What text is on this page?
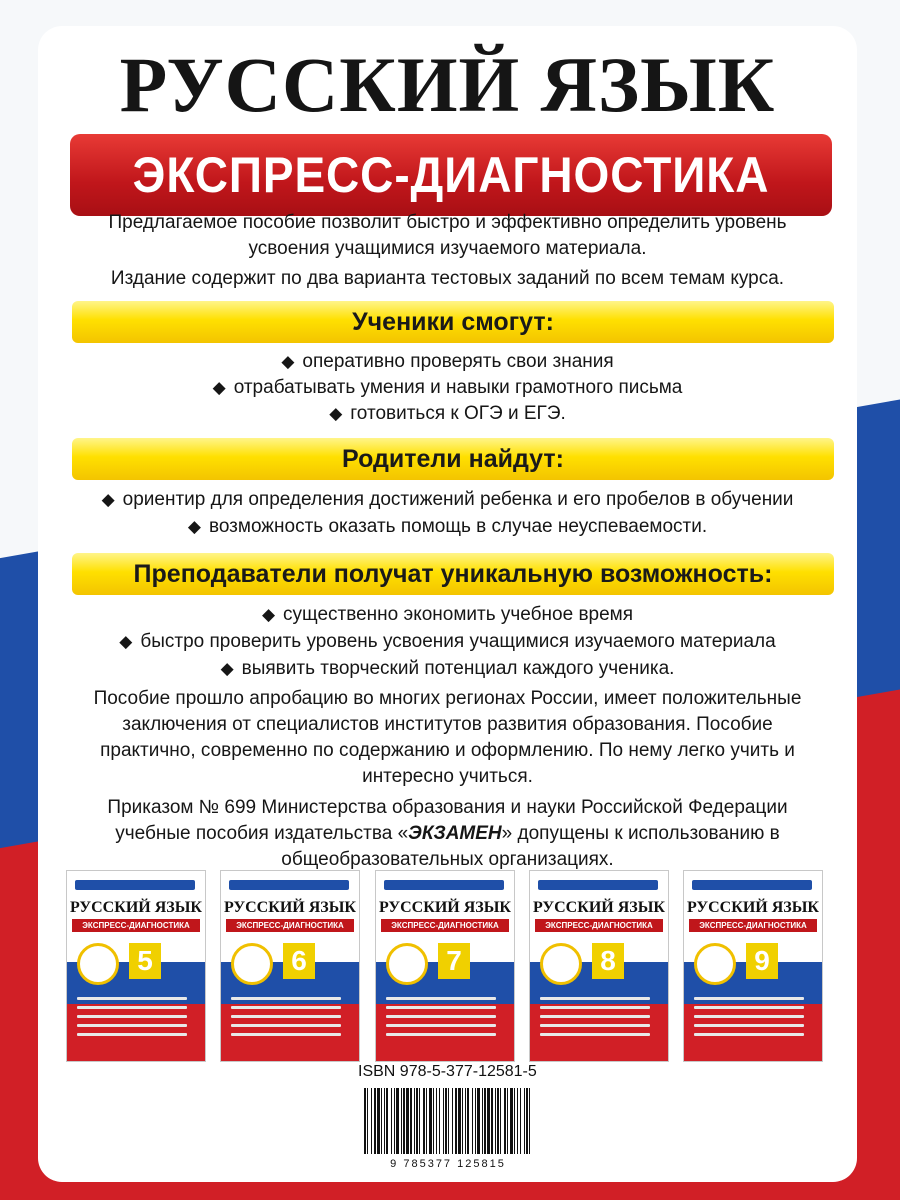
РУССКИЙ ЯЗЫК
ЭКСПРЕСС-ДИАГНОСТИКА
Предлагаемое пособие позволит быстро и эффективно определить уровень
усвоения учащимися изучаемого материала.
Издание содержит по два варианта тестовых заданий по всем темам курса.
Ученики смогут:
◆ оперативно проверять свои знания
◆ отрабатывать умения и навыки грамотного письма
◆ готовиться к ОГЭ и ЕГЭ.
Родители найдут:
◆ ориентир для определения достижений ребенка и его пробелов в обучении
◆ возможность оказать помощь в случае неуспеваемости.
Преподаватели получат уникальную возможность:
◆ существенно экономить учебное время
◆ быстро проверить уровень усвоения учащимися изучаемого материала
◆ выявить творческий потенциал каждого ученика.
Пособие прошло апробацию во многих регионах России, имеет положительные
заключения от специалистов институтов развития образования. Пособие
практично, современно по содержанию и оформлению. По нему легко учить и
интересно учиться.
Приказом № 699 Министерства образования и науки Российской Федерации
учебные пособия издательства «ЭКЗАМЕН» допущены к использованию в
общеобразовательных организациях.
РУССКИЙ ЯЗЫК
ЭКСПРЕСС-ДИАГНОСТИКА
5	класс
РУССКИЙ ЯЗЫК
ЭКСПРЕСС-ДИАГНОСТИКА
6	класс
РУССКИЙ ЯЗЫК
ЭКСПРЕСС-ДИАГНОСТИКА
7	класс
РУССКИЙ ЯЗЫК
ЭКСПРЕСС-ДИАГНОСТИКА
8	класс
РУССКИЙ ЯЗЫК
ЭКСПРЕСС-ДИАГНОСТИКА
9	класс
ISBN 978-5-377-12581-5
9 785377 125815
